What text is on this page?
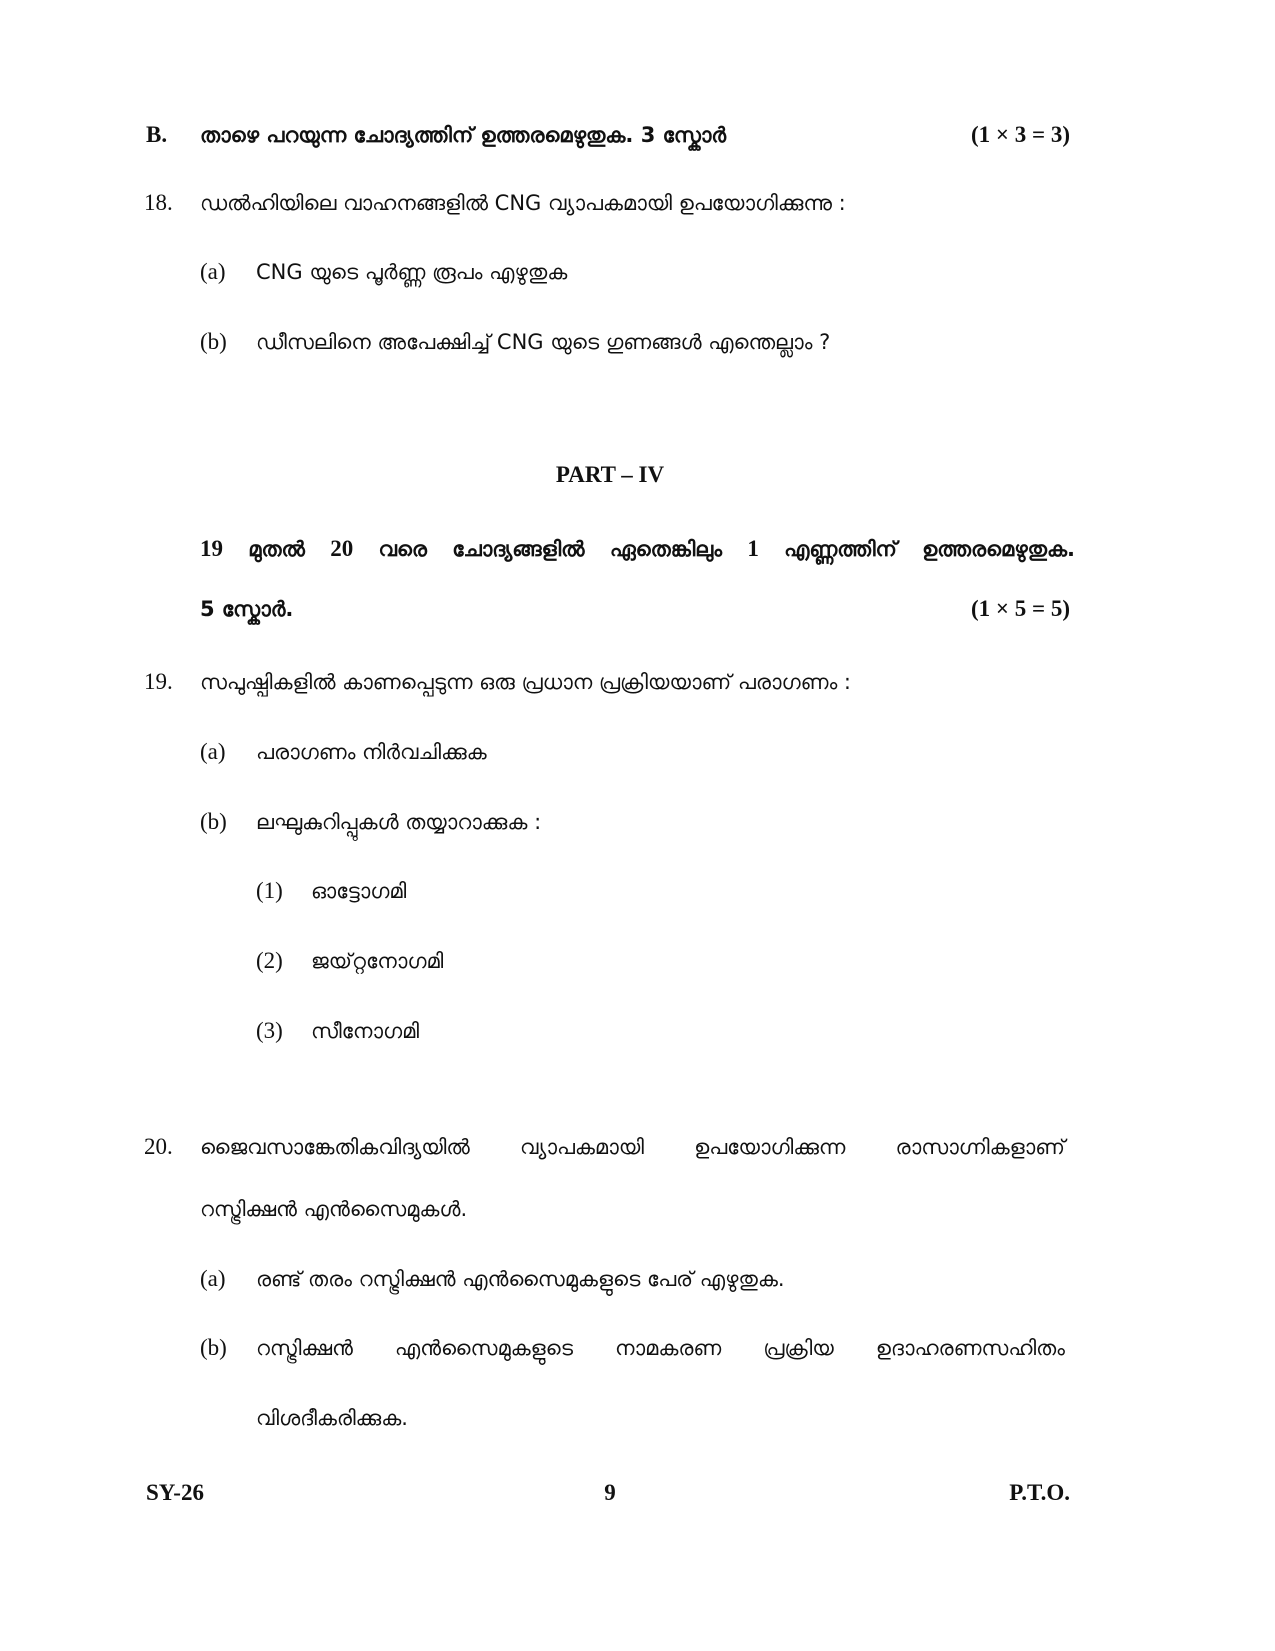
B. താഴെ പറയുന്ന ചോദ്യത്തിന് ഉത്തരമെഴുതുക. 3 സ്കോർ	(1 × 3 = 3)
18. ഡൽഹിയിലെ വാഹനങ്ങളിൽ CNG വ്യാപകമായി ഉപയോഗിക്കുന്നു :
(a) CNG യുടെ പൂർണ്ണ രൂപം എഴുതുക
(b) ഡീസലിനെ അപേക്ഷിച്ച് CNG യുടെ ഗുണങ്ങൾ എന്തെല്ലാം ?
PART – IV
19 മുതൽ 20 വരെ ചോദ്യങ്ങളിൽ ഏതെങ്കിലും 1 എണ്ണത്തിന് ഉത്തരമെഴുതുക.
5 സ്കോർ.	(1 × 5 = 5)
19. സപുഷ്പികളിൽ കാണപ്പെടുന്ന ഒരു പ്രധാന പ്രക്രിയയാണ് പരാഗണം :
(a) പരാഗണം നിർവചിക്കുക
(b) ലഘുകുറിപ്പുകൾ തയ്യാറാക്കുക :
(1) ഓട്ടോഗമി
(2) ജയ്റ്റനോഗമി
(3) സീനോഗമി
20. ജൈവസാങ്കേതികവിദ്യയിൽ വ്യാപകമായി ഉപയോഗിക്കുന്ന രാസാഗ്നികളാണ്
റസ്ട്രിക്ഷൻ എൻസൈമുകൾ.
(a) രണ്ട് തരം റസ്ട്രിക്ഷൻ എൻസൈമുകളുടെ പേര് എഴുതുക.
(b) റസ്ട്രിക്ഷൻ എൻസൈമുകളുടെ നാമകരണ പ്രക്രിയ ഉദാഹരണസഹിതം
വിശദീകരിക്കുക.
SY-26	9	P.T.O.
